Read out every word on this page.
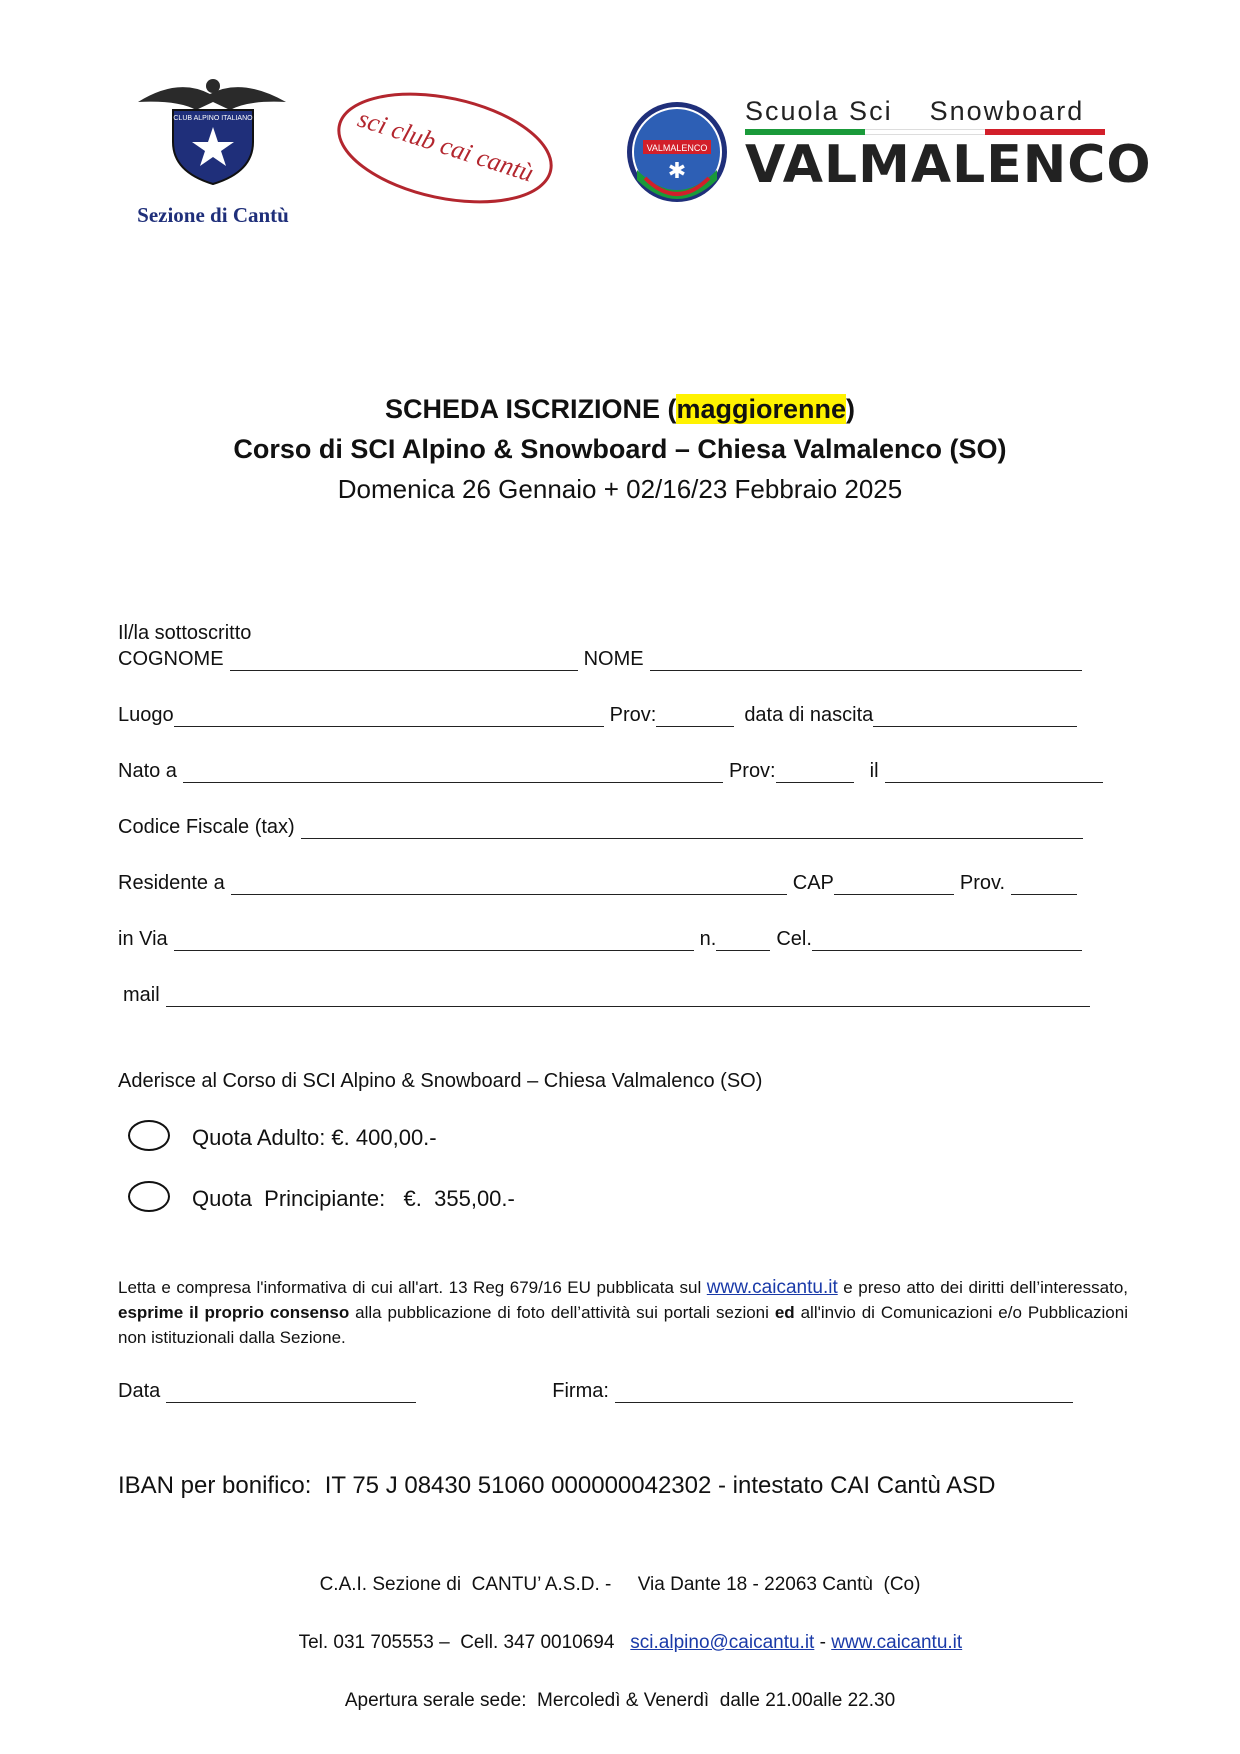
CLUB ALPINO ITALIANO
Sezione di Cantù
sci club cai cantù	VALMALENCO
✱
Scuola Sci Snowboard
VALMALENCO
SCHEDA ISCRIZIONE (maggiorenne)
Corso di SCI Alpino & Snowboard – Chiesa Valmalenco (SO)
Domenica 26 Gennaio + 02/16/23 Febbraio 2025
Il/la sottoscritto
COGNOME	NOME
Luogo	Prov:	data di nascita
Nato a	Prov:	il
Codice Fiscale (tax)
Residente a	CAP	Prov.
in Via	n.	Cel.
mail
Aderisce al Corso di SCI Alpino & Snowboard – Chiesa Valmalenco (SO)
Quota Adulto: €. 400,00.-
Quota  Principiante:   €.  355,00.-
Letta e compresa l'informativa di cui all'art. 13 Reg 679/16 EU pubblicata sul www.caicantu.it e preso atto dei diritti dell’interessato, esprime il proprio consenso alla pubblicazione di foto dell’attività sui portali sezioni ed all'invio di Comunicazioni e/o Pubblicazioni non istituzionali dalla Sezione.
Data	Firma:
IBAN per bonifico:  IT 75 J 08430 51060 000000042302 - intestato CAI Cantù ASD
C.A.I. Sezione di  CANTU’ A.S.D. -     Via Dante 18 - 22063 Cantù  (Co)

Tel. 031 705553 –  Cell. 347 0010694 sci.alpino@caicantu.it - www.caicantu.it

Apertura serale sede:  Mercoledì & Venerdì  dalle 21.00alle 22.30
